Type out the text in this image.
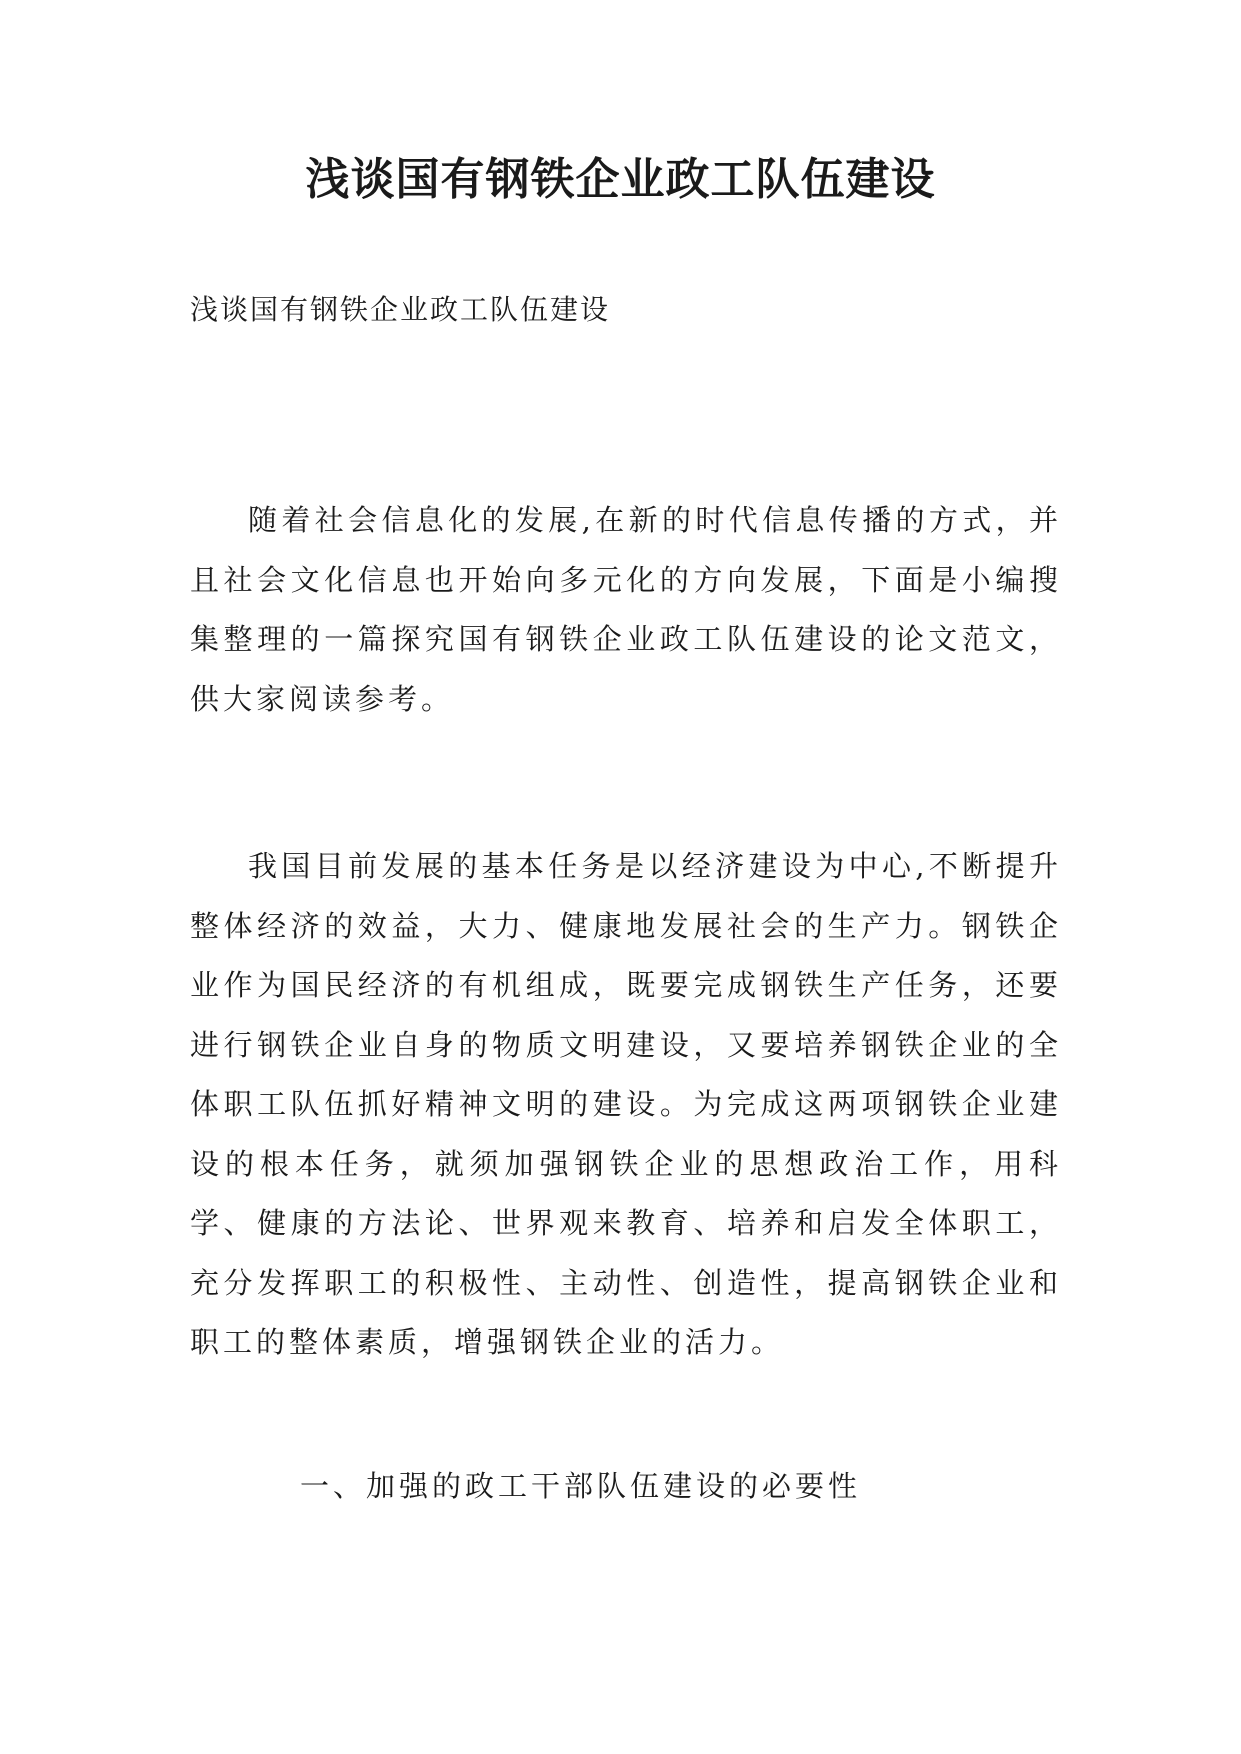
浅谈国有钢铁企业政工队伍建设
浅谈国有钢铁企业政工队伍建设

随着社会信息化的发展,在新的时代信息传播的方式，并且社会文化信息也开始向多元化的方向发展，下面是小编搜集整理的一篇探究国有钢铁企业政工队伍建设的论文范文，供大家阅读参考。

我国目前发展的基本任务是以经济建设为中心,不断提升整体经济的效益，大力、健康地发展社会的生产力。钢铁企业作为国民经济的有机组成，既要完成钢铁生产任务，还要进行钢铁企业自身的物质文明建设，又要培养钢铁企业的全体职工队伍抓好精神文明的建设。为完成这两项钢铁企业建设的根本任务，就须加强钢铁企业的思想政治工作，用科学、健康的方法论、世界观来教育、培养和启发全体职工，充分发挥职工的积极性、主动性、创造性，提高钢铁企业和职工的整体素质，增强钢铁企业的活力。

一、加强的政工干部队伍建设的必要性
